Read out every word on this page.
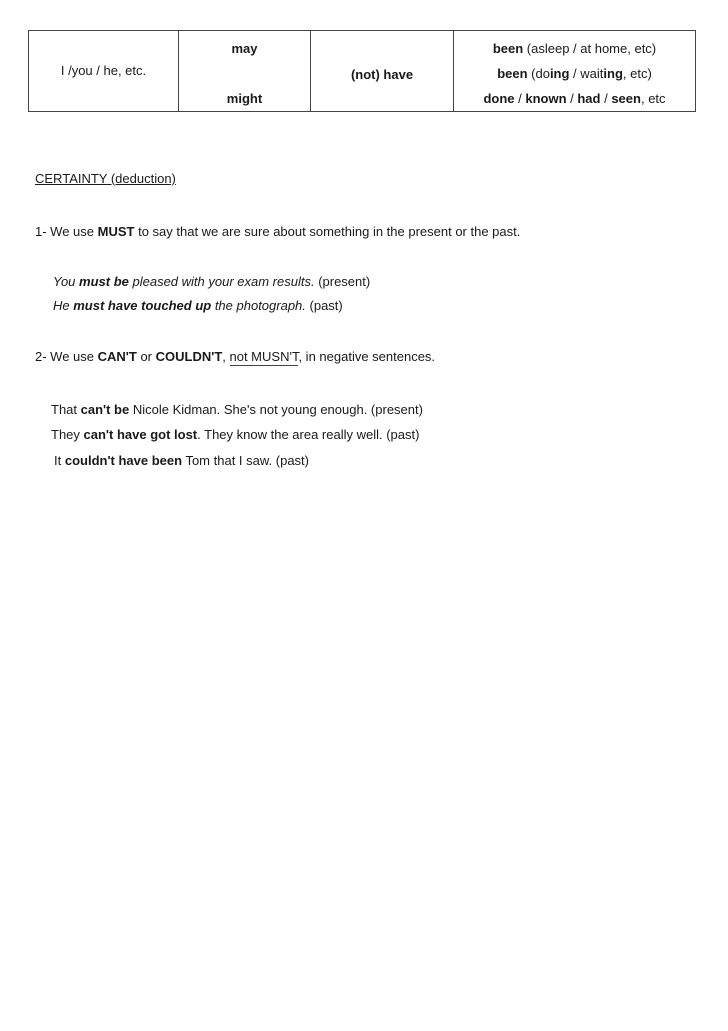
I /you / he, etc.

may
might

(not) have

been (asleep / at home, etc)
been (doing / waiting, etc)
done / known / had / seen, etc
CERTAINTY (deduction)
1- We use MUST to say that we are sure about something in the present or the past.
You must be pleased with your exam results. (present)
He must have touched up the photograph. (past)
2- We use CAN'T or COULDN'T, not MUSN'T, in negative sentences.
That can't be Nicole Kidman. She's not young enough. (present)
They can't have got lost. They know the area really well. (past)
It couldn't have been Tom that I saw. (past)
